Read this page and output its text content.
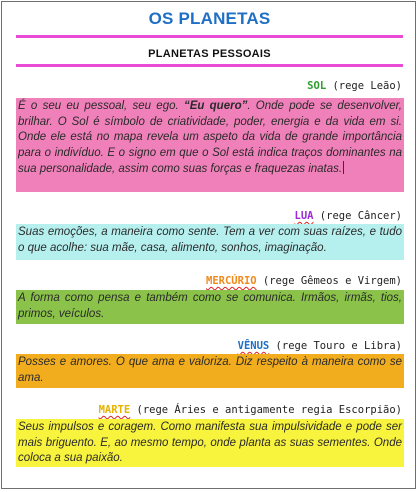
OS PLANETAS
PLANETAS PESSOAIS
SOL (rege Leão)
É o seu eu pessoal, seu ego. “Eu quero”. Onde pode se desenvolver, brilhar. O Sol é símbolo de criatividade, poder, energia e da vida em si. Onde ele está no mapa revela um aspeto da vida de grande importância para o indivíduo. E o signo em que o Sol está indica traços dominantes na sua personalidade, assim como suas forças e fraquezas inatas.
LUA (rege Câncer)
Suas emoções, a maneira como sente. Tem a ver com suas raízes, e tudo o que acolhe: sua mãe, casa, alimento, sonhos, imaginação.
MERCÚRIO (rege Gêmeos e Virgem)
A forma como pensa e também como se comunica. Irmãos, irmãs, tios, primos, veículos.
VÊNUS (rege Touro e Libra)
Posses e amores. O que ama e valoriza. Diz respeito à maneira como se ama.
MARTE (rege Áries e antigamente regia Escorpião)
Seus impulsos e coragem. Como manifesta sua impulsividade e pode ser mais briguento. E, ao mesmo tempo, onde planta as suas sementes. Onde coloca a sua paixão.
